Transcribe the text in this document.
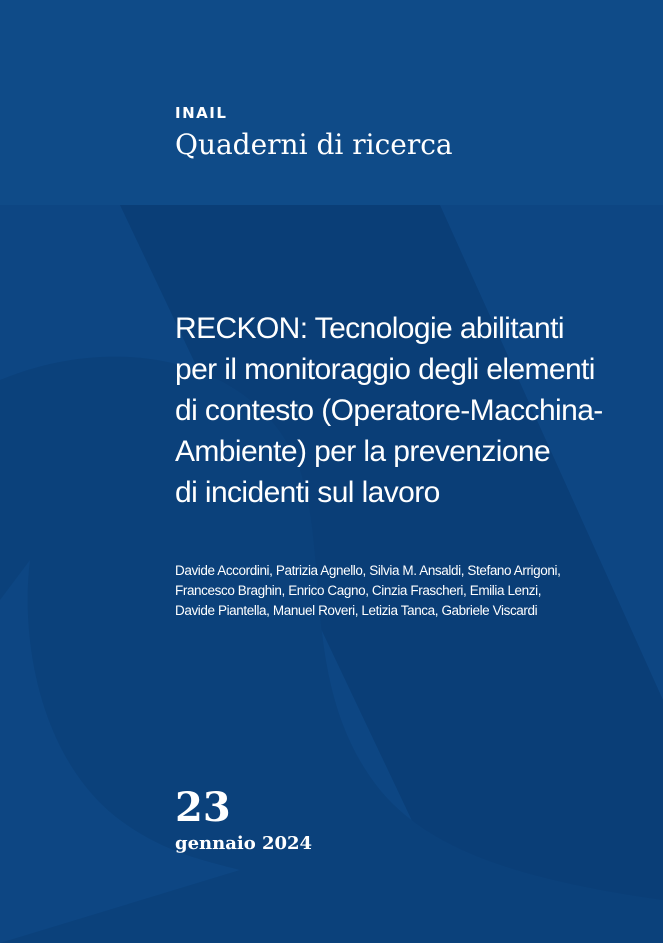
INAIL
Quaderni di ricerca
RECKON: Tecnologie abilitanti
per il monitoraggio degli elementi
di contesto (Operatore-Macchina-
Ambiente) per la prevenzione
di incidenti sul lavoro
Davide Accordini, Patrizia Agnello, Silvia M. Ansaldi, Stefano Arrigoni,
Francesco Braghin, Enrico Cagno, Cinzia Frascheri, Emilia Lenzi,
Davide Piantella, Manuel Roveri, Letizia Tanca, Gabriele Viscardi
23
gennaio 2024
